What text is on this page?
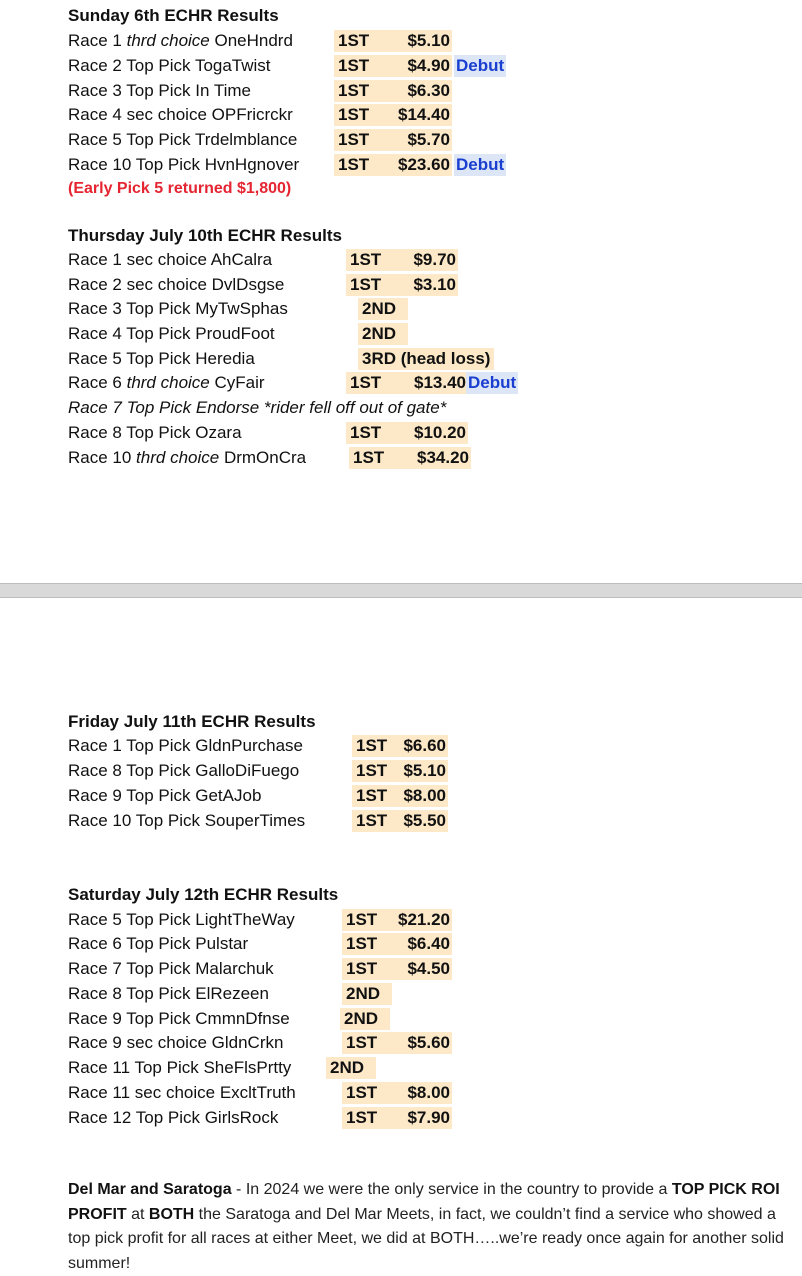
Sunday 6th ECHR Results
Race 1 thrd choice OneHndrd	1ST	$5.10
Race 2 Top Pick TogaTwist	1ST	$4.90 Debut
Race 3 Top Pick In Time	1ST	$6.30
Race 4 sec choice OPFricrckr	1ST	$14.40
Race 5 Top Pick Trdelmblance 1ST	$5.70
Race 10 Top Pick HvnHgnover 1ST	$23.60 Debut
(Early Pick 5 returned $1,800)
Thursday July 10th ECHR Results
Race 1 sec choice AhCalra	1ST	$9.70
Race 2 sec choice DvlDsgse	1ST	$3.10
Race 3 Top Pick MyTwSphas	2ND
Race 4 Top Pick ProudFoot	2ND
Race 5 Top Pick Heredia	3RD (head loss)
Race 6 thrd choice CyFair	1ST	$13.40 Debut
Race 7 Top Pick Endorse *rider fell off out of gate*
Race 8 Top Pick Ozara	1ST	$10.20
Race 10 thrd choice DrmOnCra	1ST	$34.20
Friday July 11th ECHR Results
Race 1 Top Pick GldnPurchase	1ST $6.60
Race 8 Top Pick GalloDiFuego	1ST $5.10
Race 9 Top Pick GetAJob	1ST $8.00
Race 10 Top Pick SouperTimes	1ST $5.50
Saturday July 12th ECHR Results
Race 5 Top Pick LightTheWay	1ST	$21.20
Race 6 Top Pick Pulstar	1ST	$6.40
Race 7 Top Pick Malarchuk	1ST	$4.50
Race 8 Top Pick ElRezeen	2ND
Race 9 Top Pick CmmnDfnse	2ND
Race 9 sec choice GldnCrkn	1ST	$5.60
Race 11 Top Pick SheFlsPrtty 2ND
Race 11 sec choice ExcltTruth	1ST	$8.00
Race 12 Top Pick GirlsRock	1ST	$7.90
Del Mar and Saratoga - In 2024 we were the only service in the country to provide a TOP PICK ROI PROFIT at BOTH the Saratoga and Del Mar Meets, in fact, we couldn’t find a service who showed a top pick profit for all races at either Meet, we did at BOTH…..we’re ready once again for another solid summer!
